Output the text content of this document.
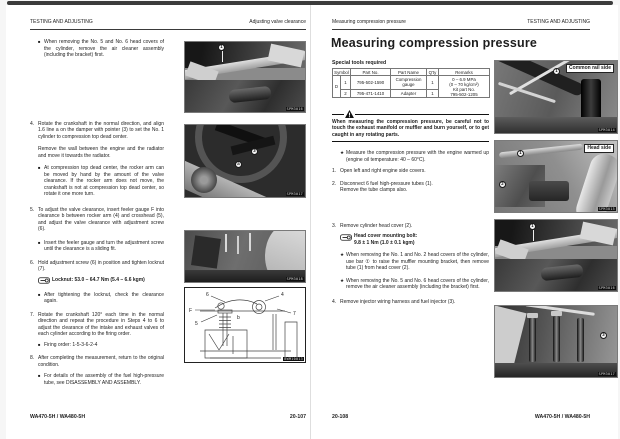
TESTING AND ADJUSTING	Adjusting valve clearance
■ When removing the No. 5 and No. 6 head covers of the cylinder, remove the air cleaner assembly (including the bracket) first.
4. Rotate the crankshaft in the normal direction, and align 1.6 line a on the damper with pointer (3) to set the No. 1 cylinder to compression top dead center.
Remove the wall between the engine and the radiator and move it towards the radiator.
■ At compression top dead center, the rocker arm can be moved by hand by the amount of the valve clearance. If the rocker arm does not move, the crankshaft is not at compression top dead center, so rotate it one more turn.
5. To adjust the valve clearance, insert feeler gauge F into clearance b between rocker arm (4) and crosshead (5), and adjust the valve clearance with adjustment screw (6).
■ Insert the feeler gauge and turn the adjustment screw until the clearance is a sliding fit.
6. Hold adjustment screw (6) in position and tighten locknut (7).
Locknut: 53.0 – 64.7 Nm (5.4 – 6.6 kgm)
■ After tightening the locknut, check the clearance again.
7. Rotate the crankshaft 120° each time in the normal direction and repeat the procedure in Steps 4 to 6 to adjust the clearance of the intake and exhaust valves of each cylinder according to the firing order.
■ Firing order: 1-5-3-6-2-4
8. After completing the measurement, return to the original condition.
■ For details of the assembly of the fuel high-pressure tube, see DISASSEMBLY AND ASSEMBLY.
1
SPM3016
a
3
SPM3017
SPM3018
6	4
F	7
5
b
BWM10013
WA470-5H / WA480-5H	20-107
Measuring compression pressure	TESTING AND ADJUSTING
Measuring compression pressure
Special tools required
Symbol		Part No.	Part Name	Q'ty	Remarks
D	1	795-502-1590	Compression gauge	1	0 – 6.9 MPa
(0 – 70 kg/cm²)
Kit part No.
795-502-1205

	2	795-471-1410	Adapter	1	
When measuring the compression pressure, be careful not to touch the exhaust manifold or muffler and burn yourself, or to get caught in any rotating parts.
★ Measure the compression pressure with the engine warmed up (engine oil temperature: 40 – 60°C).
1. Open left and right engine side covers.
2. Disconnect 6 fuel high-pressure tubes (1).
Remove the tube clamps also.
3. Remove cylinder head cover (2).
Head cover mounting bolt:
9.8 ± 1 Nm (1.0 ± 0.1 kgm)
★ When removing the No. 1 and No. 2 head covers of the cylinder, use bar ① to raise the muffler mounting bracket, then remove tube (1) from head cover (2).
★ When removing the No. 5 and No. 6 head covers of the cylinder, remove the air cleaner assembly (including the bracket) first.
4. Remove injector wiring harness and fuel injector (3).
1	Common rail side
SPM3014
1
2
Head side
SPM3015
1
SPM3016
3
SPM3017
20-108	WA470-5H / WA480-5H
